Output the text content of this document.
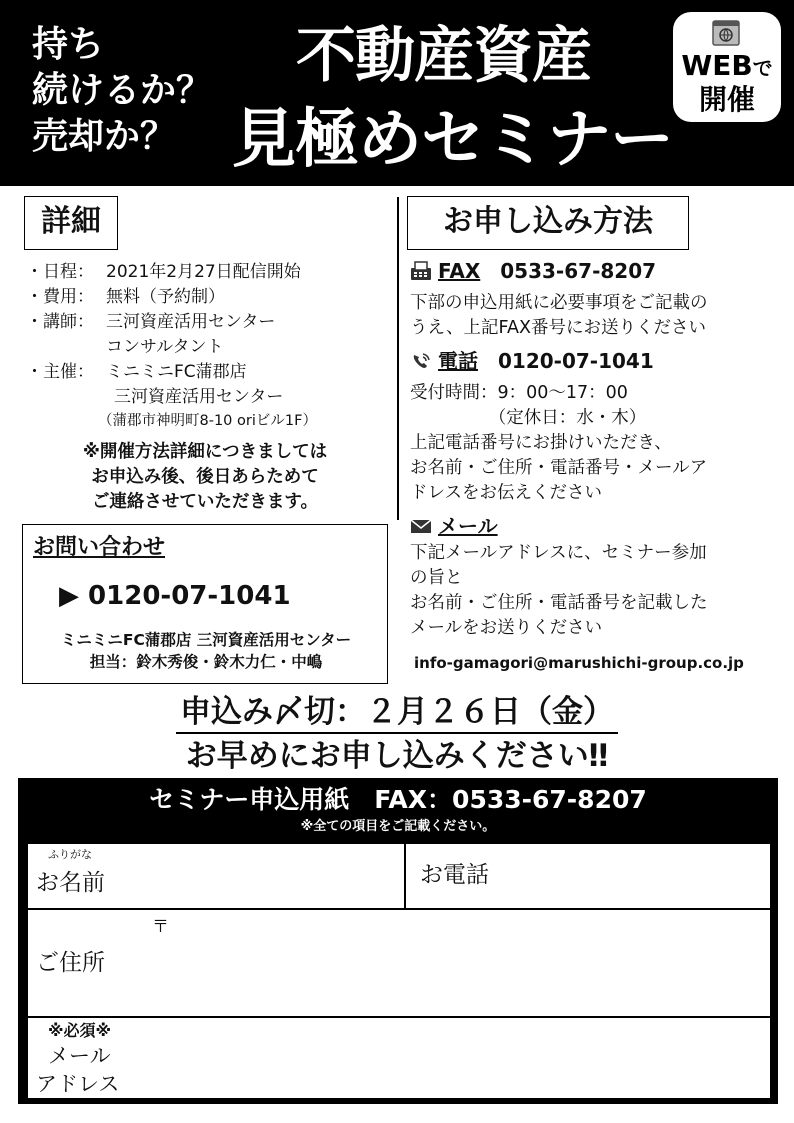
持ち
続けるか？
売却か？
不動産資産
見極めセミナー
WEBで
開催
詳細
・日程： 2021年2月27日配信開始
・費用： 無料（予約制）
・講師： 三河資産活用センター
コンサルタント
・主催： ミニミニFC蒲郡店
三河資産活用センター
（蒲郡市神明町8-10 oriビル1F）
※開催方法詳細につきましては
お申込み後、後日あらためて
ご連絡させていただきます。
お問い合わせ
▶ 0120-07-1041
ミニミニFC蒲郡店 三河資産活用センター
担当：鈴木秀俊・鈴木力仁・中嶋
お申し込み方法
FAX 0533-67-8207
下部の申込用紙に必要事項をご記載の
うえ、上記FAX番号にお送りください
電話 0120-07-1041
受付時間：9：00～17：00
　　　　　（定休日：水・木）
上記電話番号にお掛けいただき、
お名前・ご住所・電話番号・メールア
ドレスをお伝えください
メール
下記メールアドレスに、セミナー参加
の旨と
お名前・ご住所・電話番号を記載した
メールをお送りください
info-gamagori@marushichi-group.co.jp
申込み〆切：２月２６日（金）
お早めにお申し込みください‼
セミナー申込用紙　FAX：0533-67-8207
※全ての項目をご記載ください。
ふりがな
お名前	お電話
〒
ご住所
※必須※
メール
アドレス
